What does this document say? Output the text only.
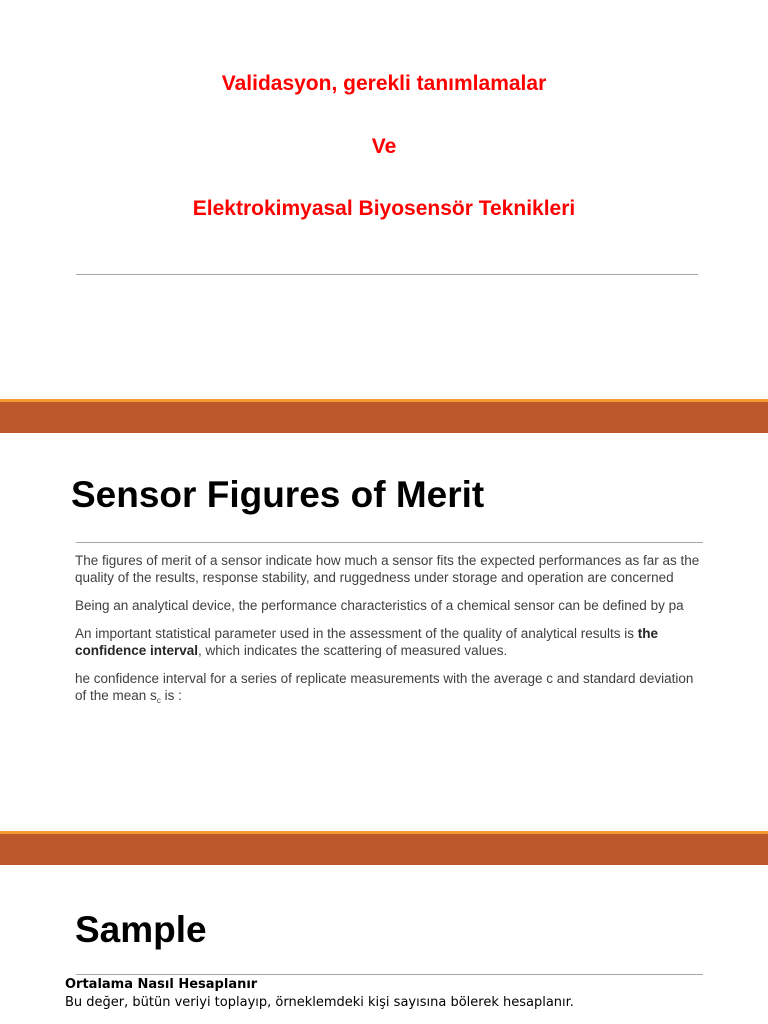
Validasyon, gerekli tanımlamalar
Ve
Elektrokimyasal Biyosensör Teknikleri
Sensor Figures of Merit

The figures of merit of a sensor indicate how much a sensor fits the expected performances as far as the quality of the results, response stability, and ruggedness under storage and operation are concerned

Being an analytical device, the performance characteristics of a chemical sensor can be defined by pa

An important statistical parameter used in the assessment of the quality of analytical results is the confidence interval, which indicates the scattering of measured values.

he confidence interval for a series of replicate measurements with the average c and standard deviation of the mean $s_c$ is :

Sample
Ortalama Nasıl Hesaplanır
Bu değer, bütün veriyi toplayıp, örneklemdeki kişi sayısına bölerek hesaplanır.
